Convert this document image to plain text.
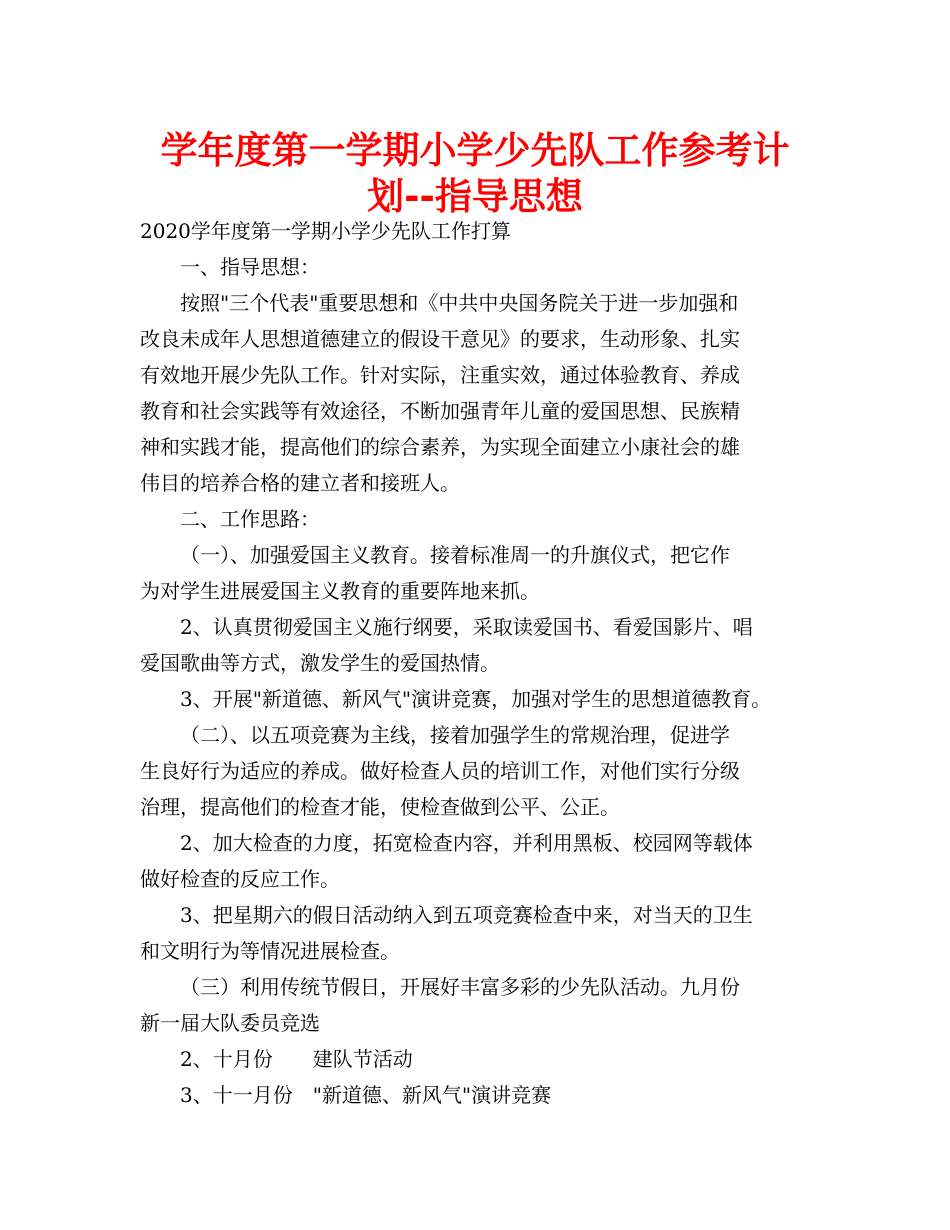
学年度第一学期小学少先队工作参考计
划--指导思想
2020学年度第一学期小学少先队工作打算
一、指导思想：
按照"三个代表"重要思想和《中共中央国务院关于进一步加强和
改良未成年人思想道德建立的假设干意见》的要求，生动形象、扎实
有效地开展少先队工作。针对实际，注重实效，通过体验教育、养成
教育和社会实践等有效途径，不断加强青年儿童的爱国思想、民族精
神和实践才能，提高他们的综合素养，为实现全面建立小康社会的雄
伟目的培养合格的建立者和接班人。
二、工作思路：
（一）、加强爱国主义教育。接着标准周一的升旗仪式，把它作
为对学生进展爱国主义教育的重要阵地来抓。
2、认真贯彻爱国主义施行纲要，采取读爱国书、看爱国影片、唱
爱国歌曲等方式，激发学生的爱国热情。
3、开展"新道德、新风气"演讲竞赛，加强对学生的思想道德教育。
（二）、以五项竞赛为主线，接着加强学生的常规治理，促进学
生良好行为适应的养成。做好检查人员的培训工作，对他们实行分级
治理，提高他们的检查才能，使检查做到公平、公正。
2、加大检查的力度，拓宽检查内容，并利用黑板、校园网等载体
做好检查的反应工作。
3、把星期六的假日活动纳入到五项竞赛检查中来，对当天的卫生
和文明行为等情况进展检查。
（三）利用传统节假日，开展好丰富多彩的少先队活动。九月份
新一届大队委员竞选
2、十月份　　建队节活动
3、十一月份　"新道德、新风气"演讲竞赛
